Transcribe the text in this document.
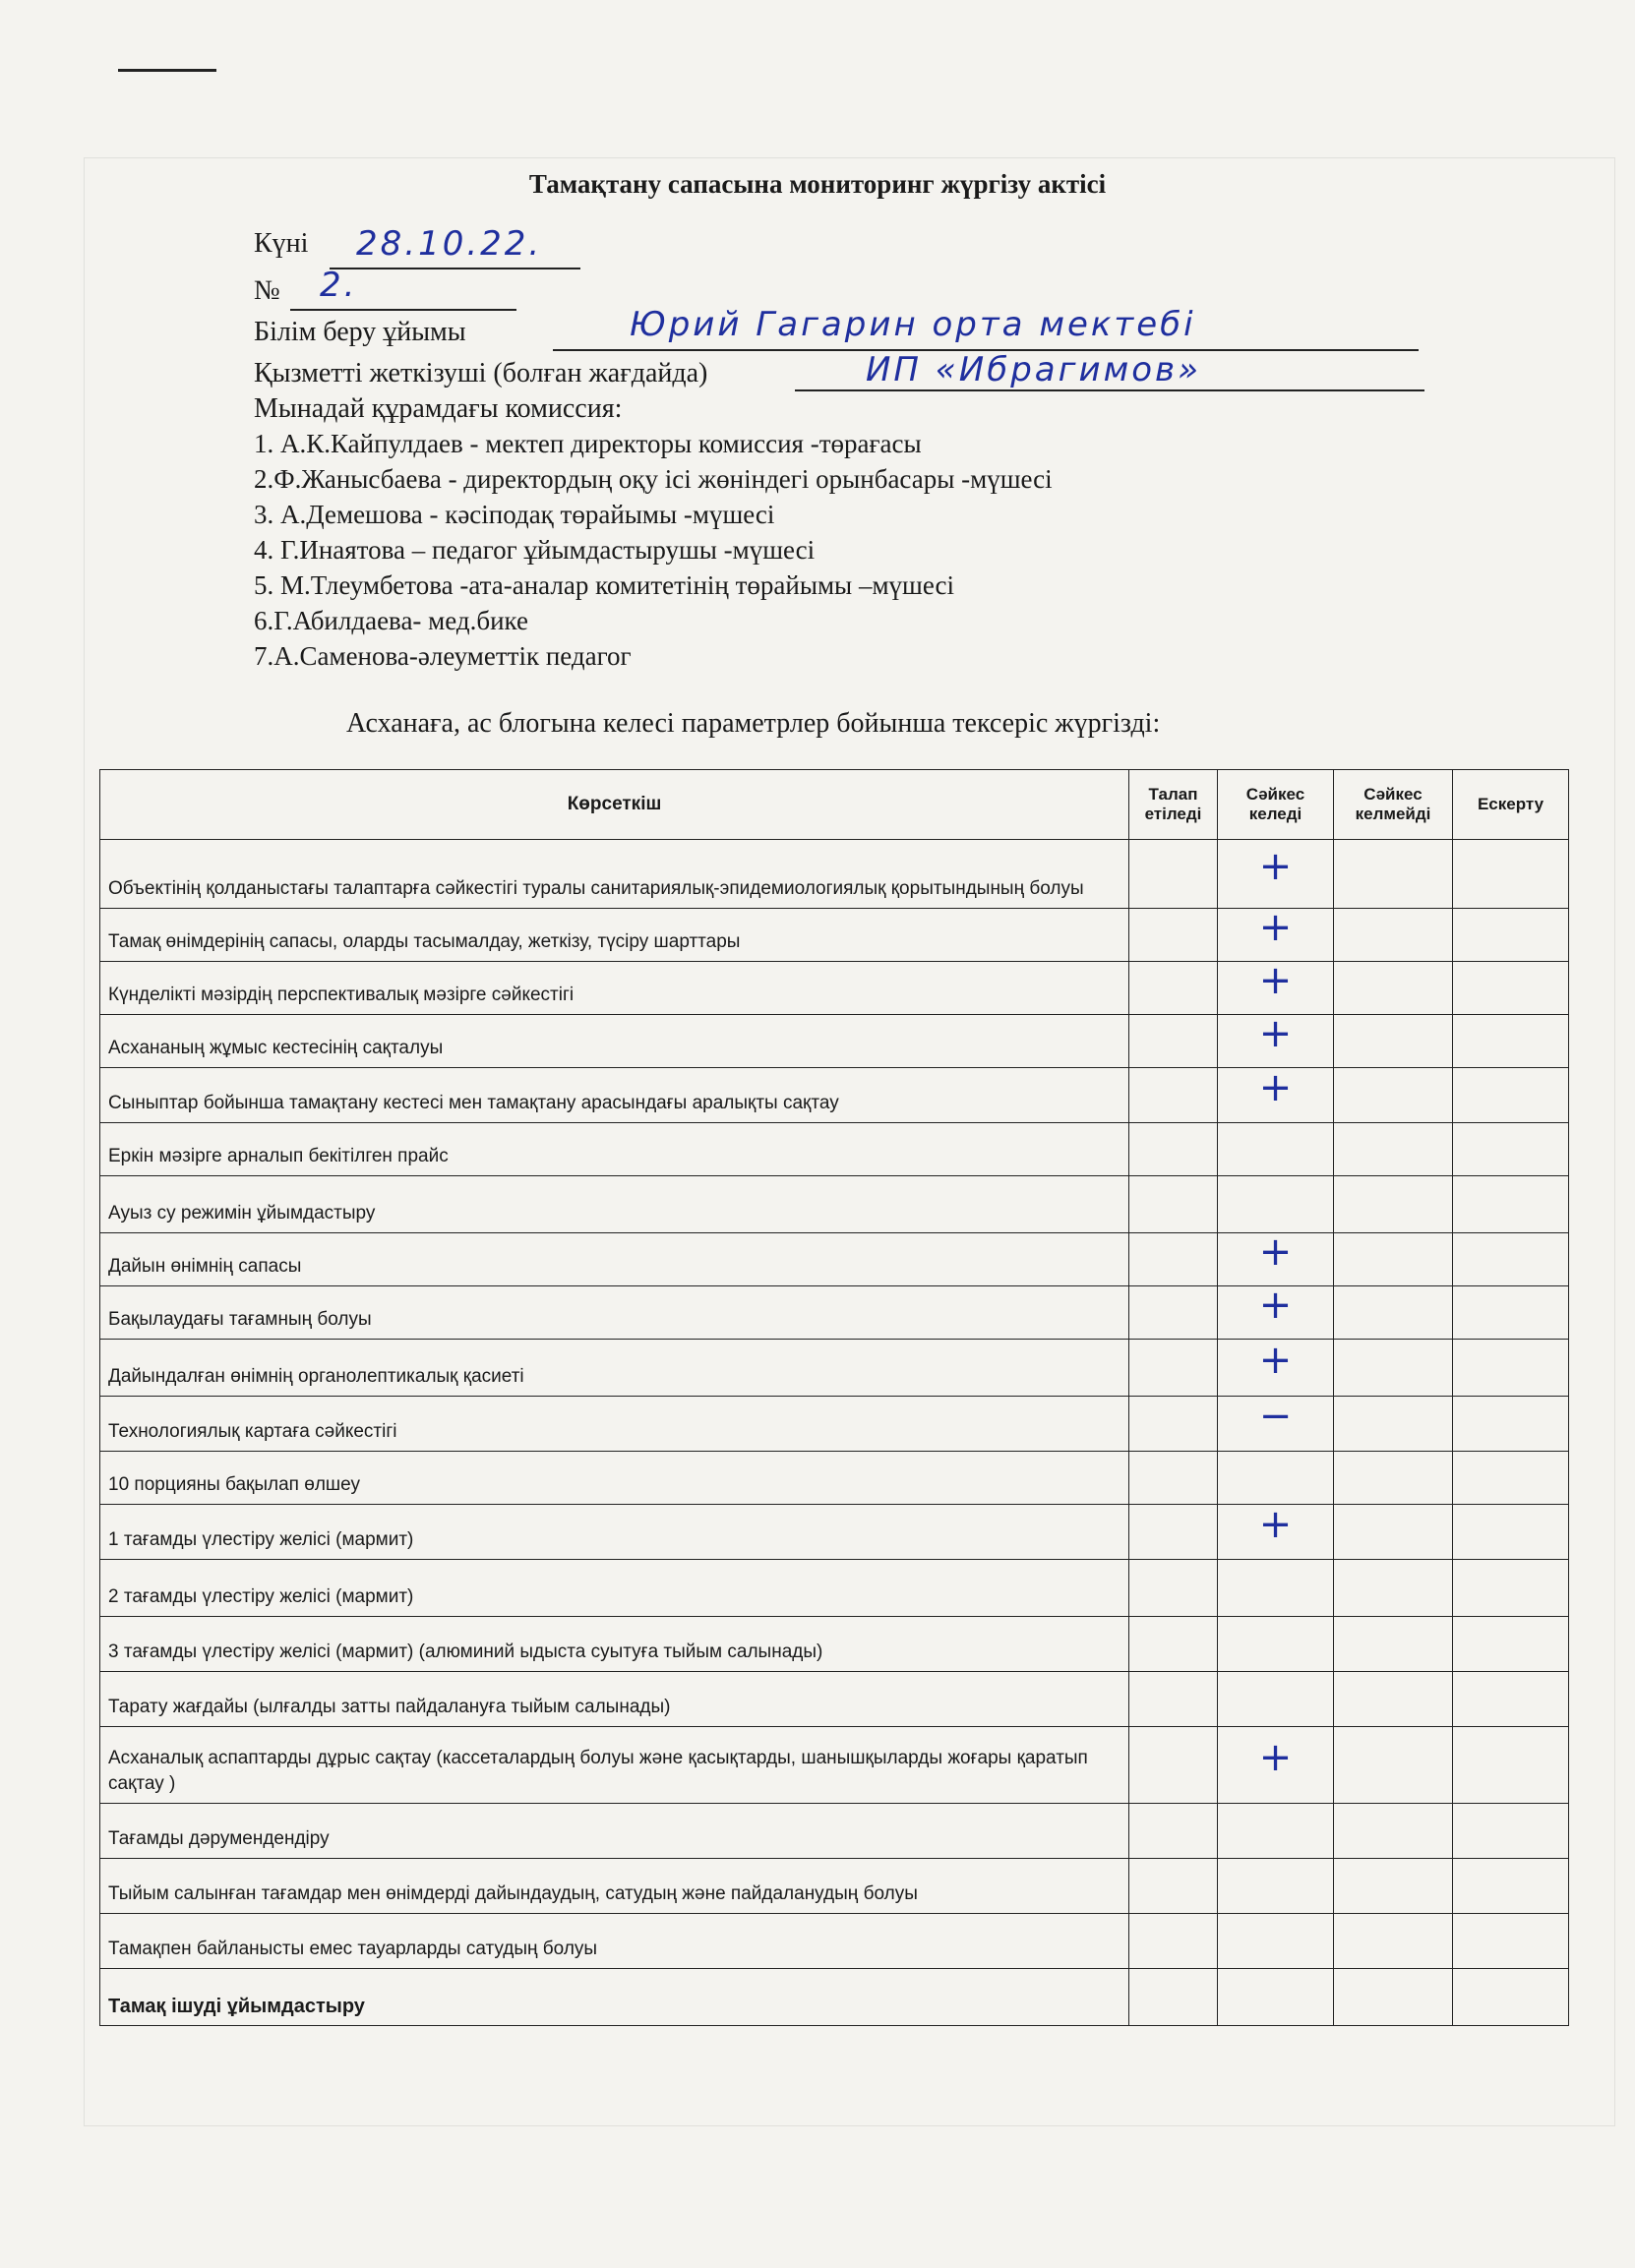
Тамақтану сапасына мониторинг жүргізу актісі
Күні 28.10.22.
№ 2.
Білім беру ұйымы	Юрий Гагарин орта мектебі
Қызметті жеткізуші (болған жағдайда)	ИП «Ибрагимов»
Мынадай құрамдағы комиссия:
1. А.К.Кайпулдаев - мектеп директоры комиссия -төрағасы
2.Ф.Жанысбаева - директордың оқу ісі жөніндегі орынбасары -мүшесі
3. А.Демешова - кәсіподақ төрайымы -мүшесі
4. Г.Инаятова – педагог ұйымдастырушы -мүшесі
5. М.Тлеумбетова -ата-аналар комитетінің төрайымы –мүшесі
6.Г.Абилдаева- мед.бике
7.А.Саменова-әлеуметтік педагог
Асханаға, ас блогына келесі параметрлер бойынша тексеріс жүргізді:
Көрсеткіш	Талап етіледі	Сәйкес келеді	Сәйкес келмейді	Ескерту
Объектінің қолданыстағы талаптарға сәйкестігі туралы санитариялық-эпидемиологиялық қорытындының болуы		+		
Тамақ өнімдерінің сапасы, оларды тасымалдау, жеткізу, түсіру шарттары		+		
Күнделікті мәзірдің перспективалық мәзірге сәйкестігі		+		
Асхананың жұмыс кестесінің сақталуы		+		
Сыныптар бойынша тамақтану кестесі мен тамақтану арасындағы аралықты сақтау		+		
Еркін мәзірге арналып бекітілген прайс				
Ауыз су режимін ұйымдастыру				
Дайын өнімнің сапасы		+		
Бақылаудағы тағамның болуы		+		
Дайындалған өнімнің органолептикалық қасиеті		+		
Технологиялық картаға сәйкестігі		−		
10 порцияны бақылап өлшеу				
1 тағамды үлестіру желісі (мармит)		+		
2 тағамды үлестіру желісі (мармит)				
3 тағамды үлестіру желісі (мармит) (алюминий ыдыста суытуға тыйым салынады)				
Тарату жағдайы (ылғалды затты пайдалануға тыйым салынады)				
Асханалық аспаптарды дұрыс сақтау (кассеталардың болуы және қасықтарды, шанышқыларды жоғары қаратып сақтау )		+		
Тағамды дәрумендендіру				
Тыйым салынған тағамдар мен өнімдерді дайындаудың, сатудың және пайдаланудың болуы				
Тамақпен байланысты емес тауарларды сатудың болуы				
Тамақ ішуді ұйымдастыру				
